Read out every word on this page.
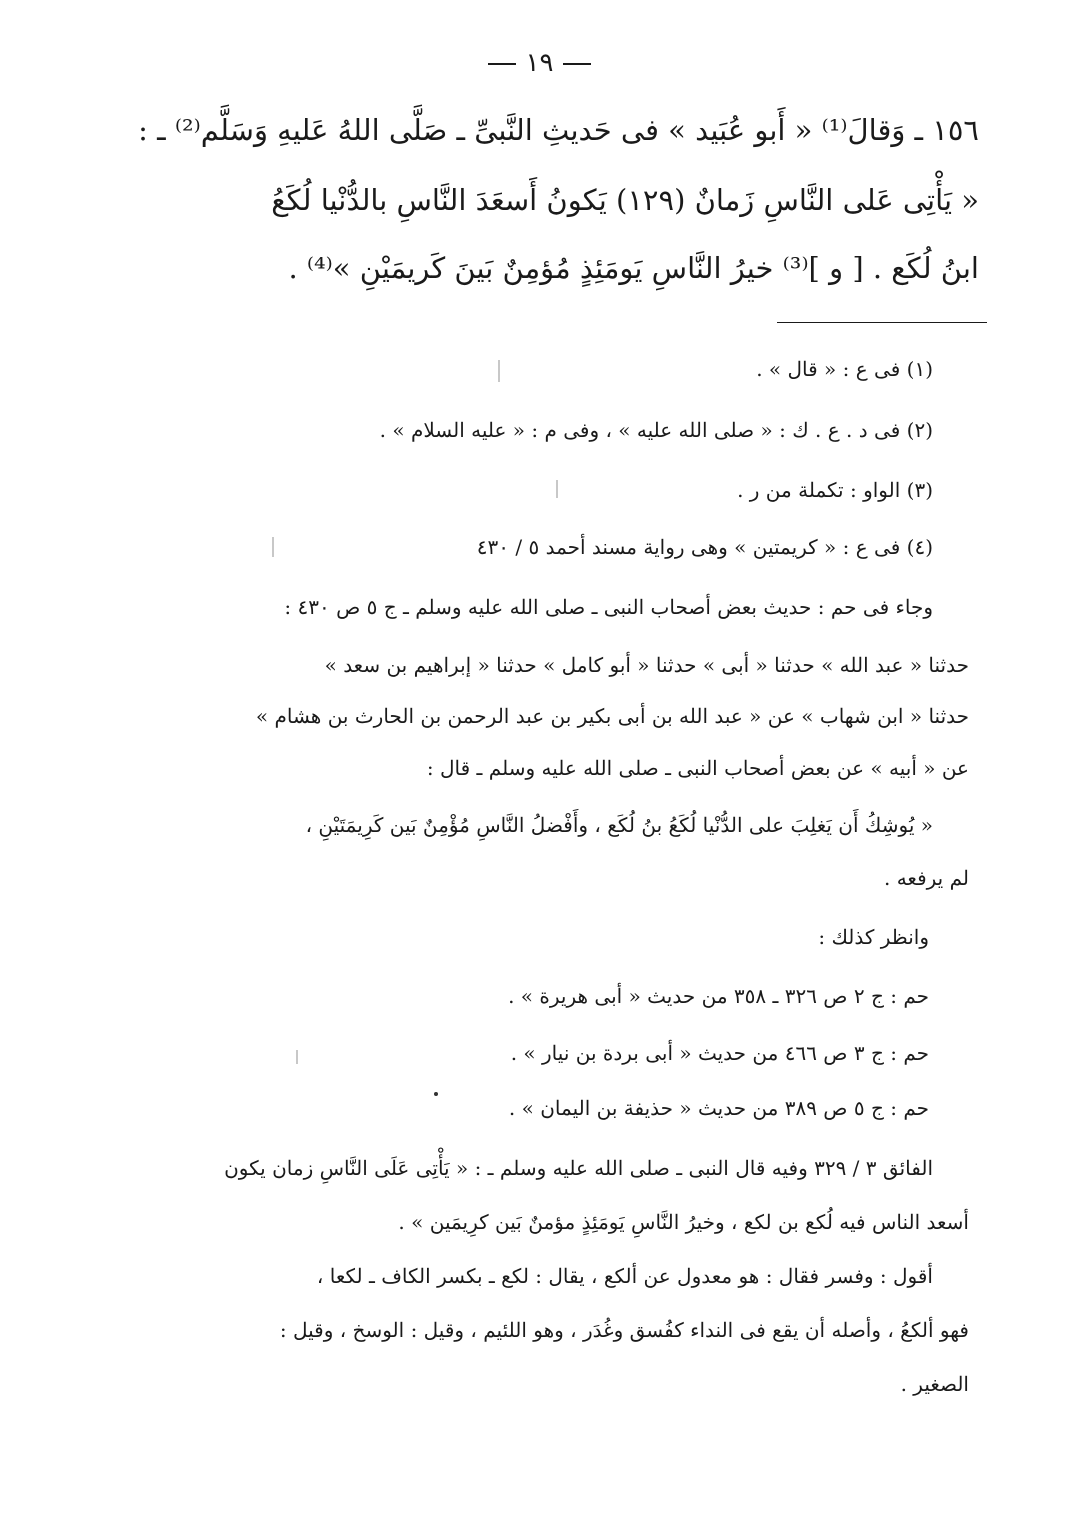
١٩
١٥٦ ـ وَقالَ⁽¹⁾ « أَبو عُبَيد » فى حَديثِ النَّبىِّ ـ صَلَّى اللهُ عَليهِ وَسَلَّم⁽²⁾ ـ :
« يَأْتِى عَلى النَّاسِ زَمانٌ (١٢٩) يَكونُ أَسعَدَ النَّاسِ بالدُّنْيا لُكَعُ
ابنُ لُكَع . [ و ]⁽³⁾ خيرُ النَّاسِ يَومَئِذٍ مُؤمِنٌ بَينَ كَريمَيْنِ »⁽⁴⁾ .
(١) فى ع : « قال » .
(٢) فى د . ع . ك : « صلى الله عليه » ، وفى م : « عليه السلام » .
(٣) الواو : تكملة من ر .
(٤) فى ع : « كريمتين » وهى رواية مسند أحمد ٥ / ٤٣٠
وجاء فى حم : حديث بعض أصحاب النبى ـ صلى الله عليه وسلم ـ ج ٥ ص ٤٣٠ :
حدثنا « عبد الله » حدثنا « أبى » حدثنا « أبو كامل » حدثنا « إبراهيم بن سعد »
حدثنا « ابن شهاب » عن « عبد الله بن أبى بكير بن عبد الرحمن بن الحارث بن هشام »
عن « أبيه » عن بعض أصحاب النبى ـ صلى الله عليه وسلم ـ قال :
« يُوشِكُ أَن يَغلِبَ على الدُّنْيا لُكَعُ بنُ لُكَع ، وأَفْضلُ النَّاسِ مُؤْمِنٌ بَين كَرِيمَتَيْنِ ،
لم يرفعه .
وانظر كذلك :
حم : ج ٢ ص ٣٢٦ ـ ٣٥٨ من حديث « أبى هريرة » .
حم : ج ٣ ص ٤٦٦ من حديث « أبى بردة بن نيار » .
حم : ج ٥ ص ٣٨٩ من حديث « حذيفة بن اليمان » .
الفائق ٣ / ٣٢٩ وفيه قال النبى ـ صلى الله عليه وسلم ـ : « يَأْتِى عَلَى النَّاسِ زمان يكون
أسعد الناس فيه لُكع بن لكع ، وخيرُ النَّاسِ يَومَئِذٍ مؤمنٌ بَين كرِيمَين » .
أقول : وفسر فقال : هو معدول عن ألكع ، يقال : لكع ـ بكسر الكاف ـ لكعا ،
فهو ألكعُ ، وأصله أن يقع فى النداء كفُسق وغُدَر ، وهو اللئيم ، وقيل : الوسخ ، وقيل :
الصغير .
